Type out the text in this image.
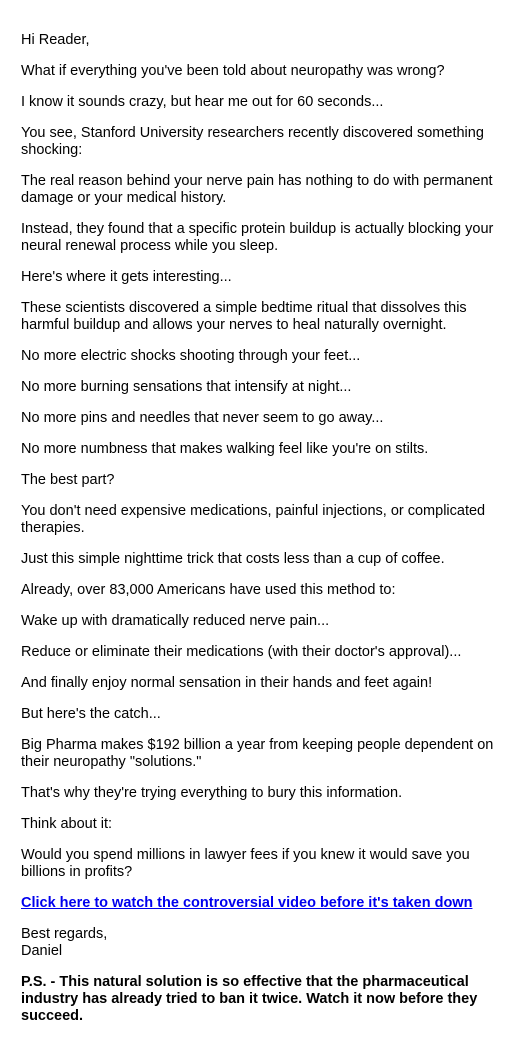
Hi Reader,

What if everything you've been told about neuropathy was wrong?

I know it sounds crazy, but hear me out for 60 seconds...

You see, Stanford University researchers recently discovered something shocking:

The real reason behind your nerve pain has nothing to do with permanent damage or your medical history.

Instead, they found that a specific protein buildup is actually blocking your neural renewal process while you sleep.

Here's where it gets interesting...

These scientists discovered a simple bedtime ritual that dissolves this harmful buildup and allows your nerves to heal naturally overnight.

No more electric shocks shooting through your feet...

No more burning sensations that intensify at night...

No more pins and needles that never seem to go away...

No more numbness that makes walking feel like you're on stilts.

The best part?

You don't need expensive medications, painful injections, or complicated therapies.

Just this simple nighttime trick that costs less than a cup of coffee.

Already, over 83,000 Americans have used this method to:

Wake up with dramatically reduced nerve pain...

Reduce or eliminate their medications (with their doctor's approval)...

And finally enjoy normal sensation in their hands and feet again!

But here's the catch...

Big Pharma makes $192 billion a year from keeping people dependent on their neuropathy "solutions."

That's why they're trying everything to bury this information.

Think about it:

Would you spend millions in lawyer fees if you knew it would save you billions in profits?

Click here to watch the controversial video before it's taken down

Best regards,
Daniel

P.S. - This natural solution is so effective that the pharmaceutical industry has already tried to ban it twice. Watch it now before they succeed.
